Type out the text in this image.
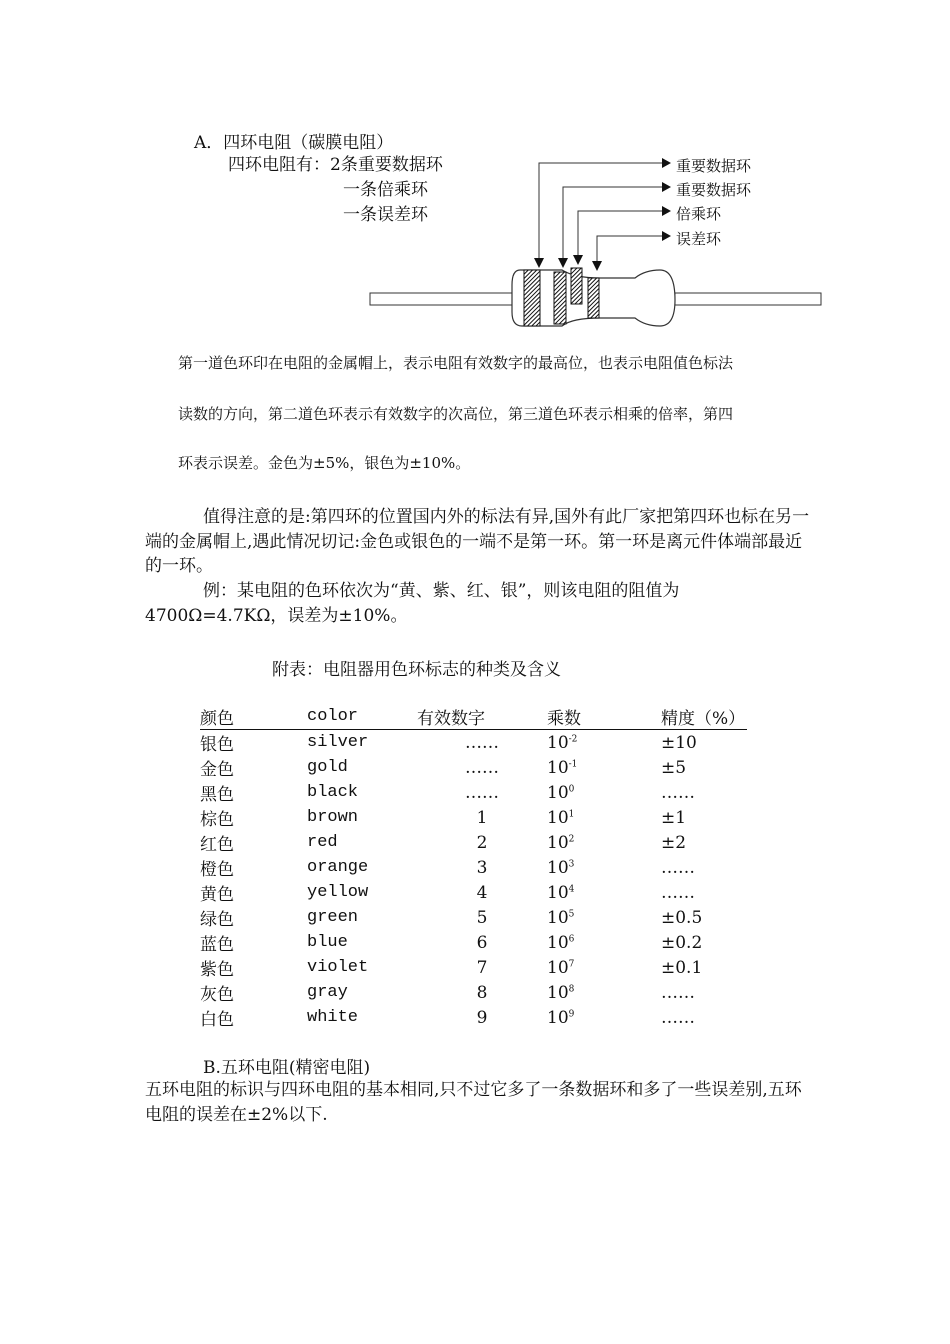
A．四环电阻（碳膜电阻）
四环电阻有：2条重要数据环
一条倍乘环
一条误差环
重要数据环
重要数据环
倍乘环
误差环
第一道色环印在电阻的金属帽上，表示电阻有效数字的最高位，也表示电阻值色标法
读数的方向，第二道色环表示有效数字的次高位，第三道色环表示相乘的倍率，第四
环表示误差。金色为±5%，银色为±10%。
值得注意的是:第四环的位置国内外的标法有异,国外有此厂家把第四环也标在另一端的金属帽上,遇此情况切记:金色或银色的一端不是第一环。第一环是离元件体端部最近的一环。
例：某电阻的色环依次为“黄、紫、红、银”，则该电阻的阻值为4700Ω=4.7KΩ，误差为±10%。
附表：电阻器用色环标志的种类及含义
颜色	color	有效数字	乘数	精度（%）
银色	silver	……	$10^{-2}$	±10
金色	gold	……	$10^{-1}$	±5
黑色	black	……	$10^0$	……
棕色	brown	1	$10^1$	±1
红色	red	2	$10^2$	±2
橙色	orange	3	$10^3$	……
黄色	yellow	4	$10^4$	……
绿色	green	5	$10^5$	±0.5
蓝色	blue	6	$10^6$	±0.2
紫色	violet	7	$10^7$	±0.1
灰色	gray	8	$10^8$	……
白色	white	9	$10^9$	……
B.五环电阻(精密电阻)
五环电阻的标识与四环电阻的基本相同,只不过它多了一条数据环和多了一些误差别,五环电阻的误差在±2%以下.
